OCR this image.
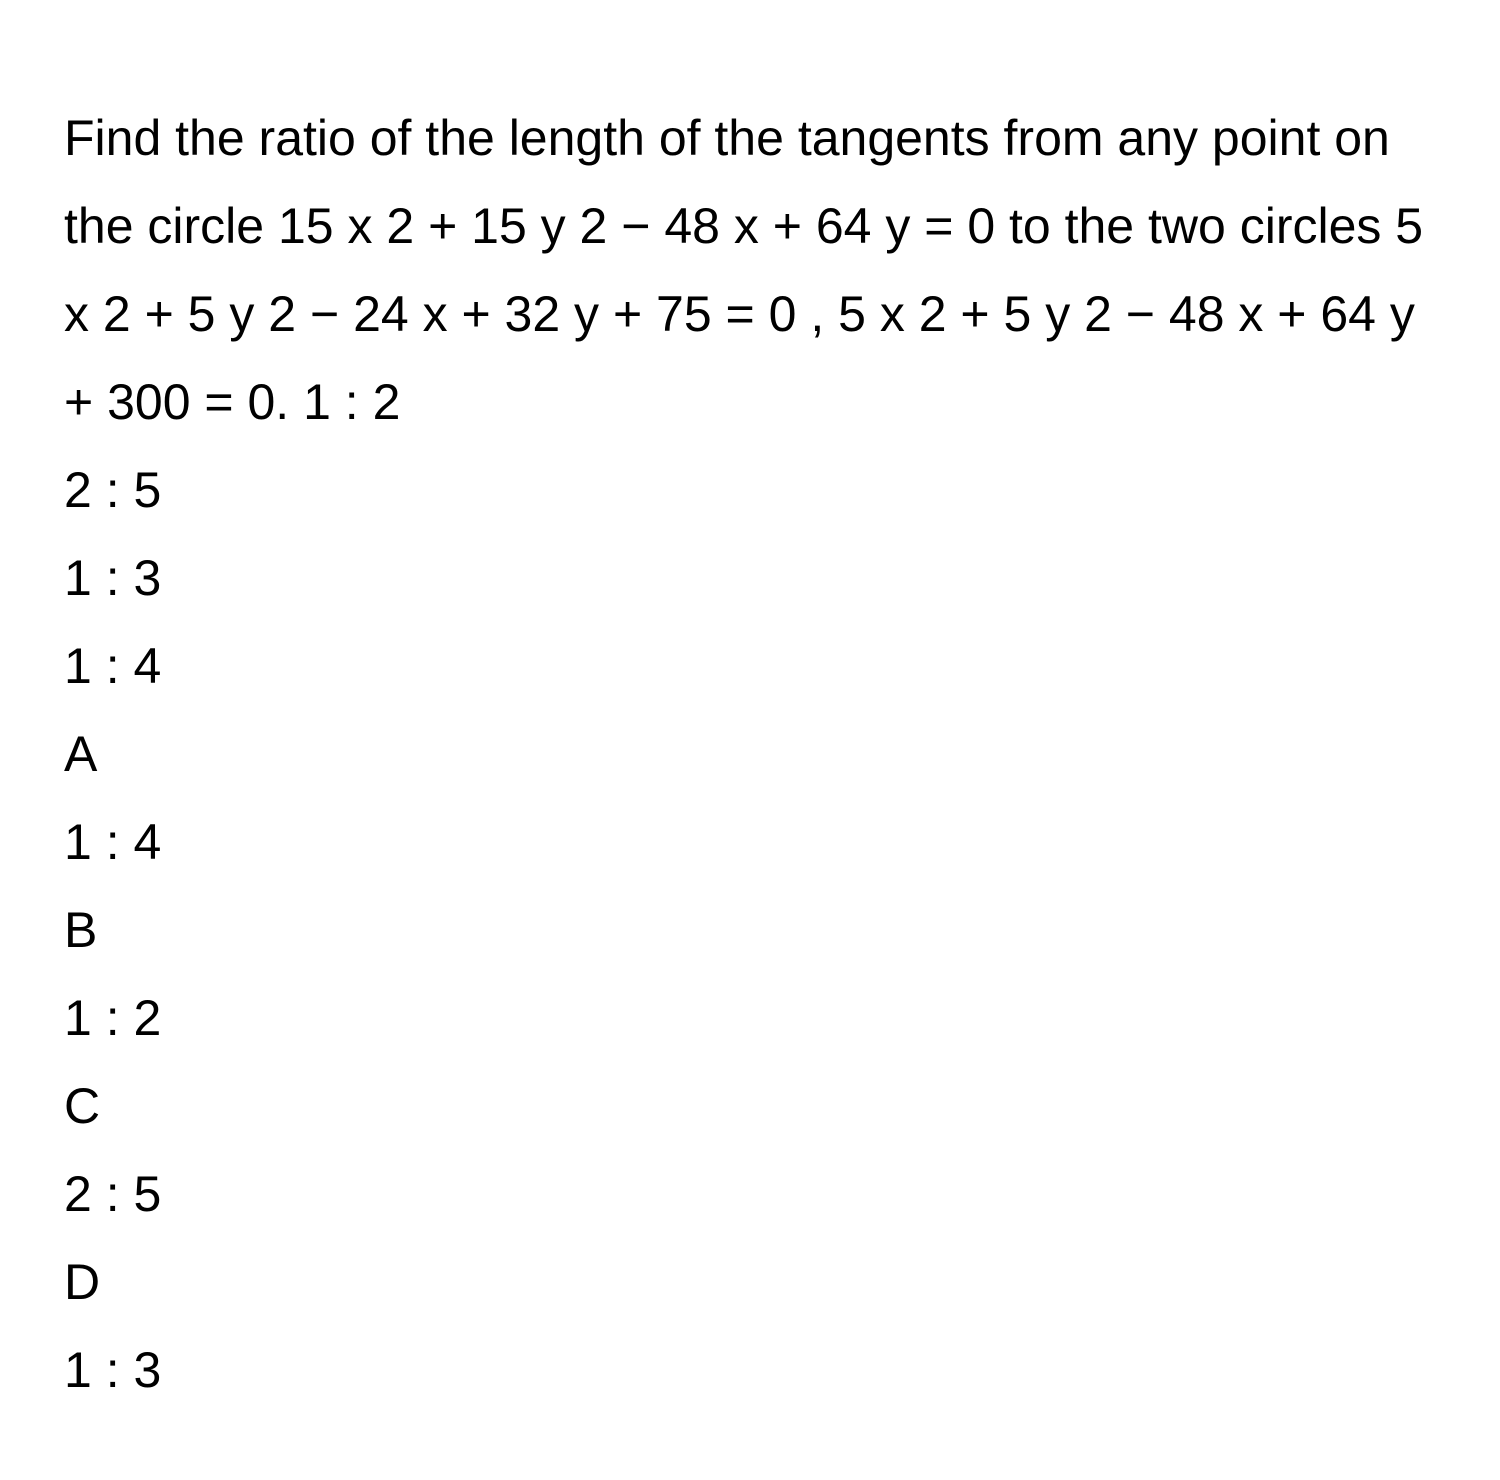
Find the ratio of the length of the tangents from any point on the circle 15 x 2 + 15 y 2 − 48 x + 64 y = 0 to the two circles 5 x 2 + 5 y 2 − 24 x + 32 y + 75 = 0 , 5 x 2 + 5 y 2 − 48 x + 64 y + 300 = 0. 1 : 2

2 : 5
1 : 3
1 : 4
A
1 : 4
B
1 : 2
C
2 : 5
D
1 : 3
